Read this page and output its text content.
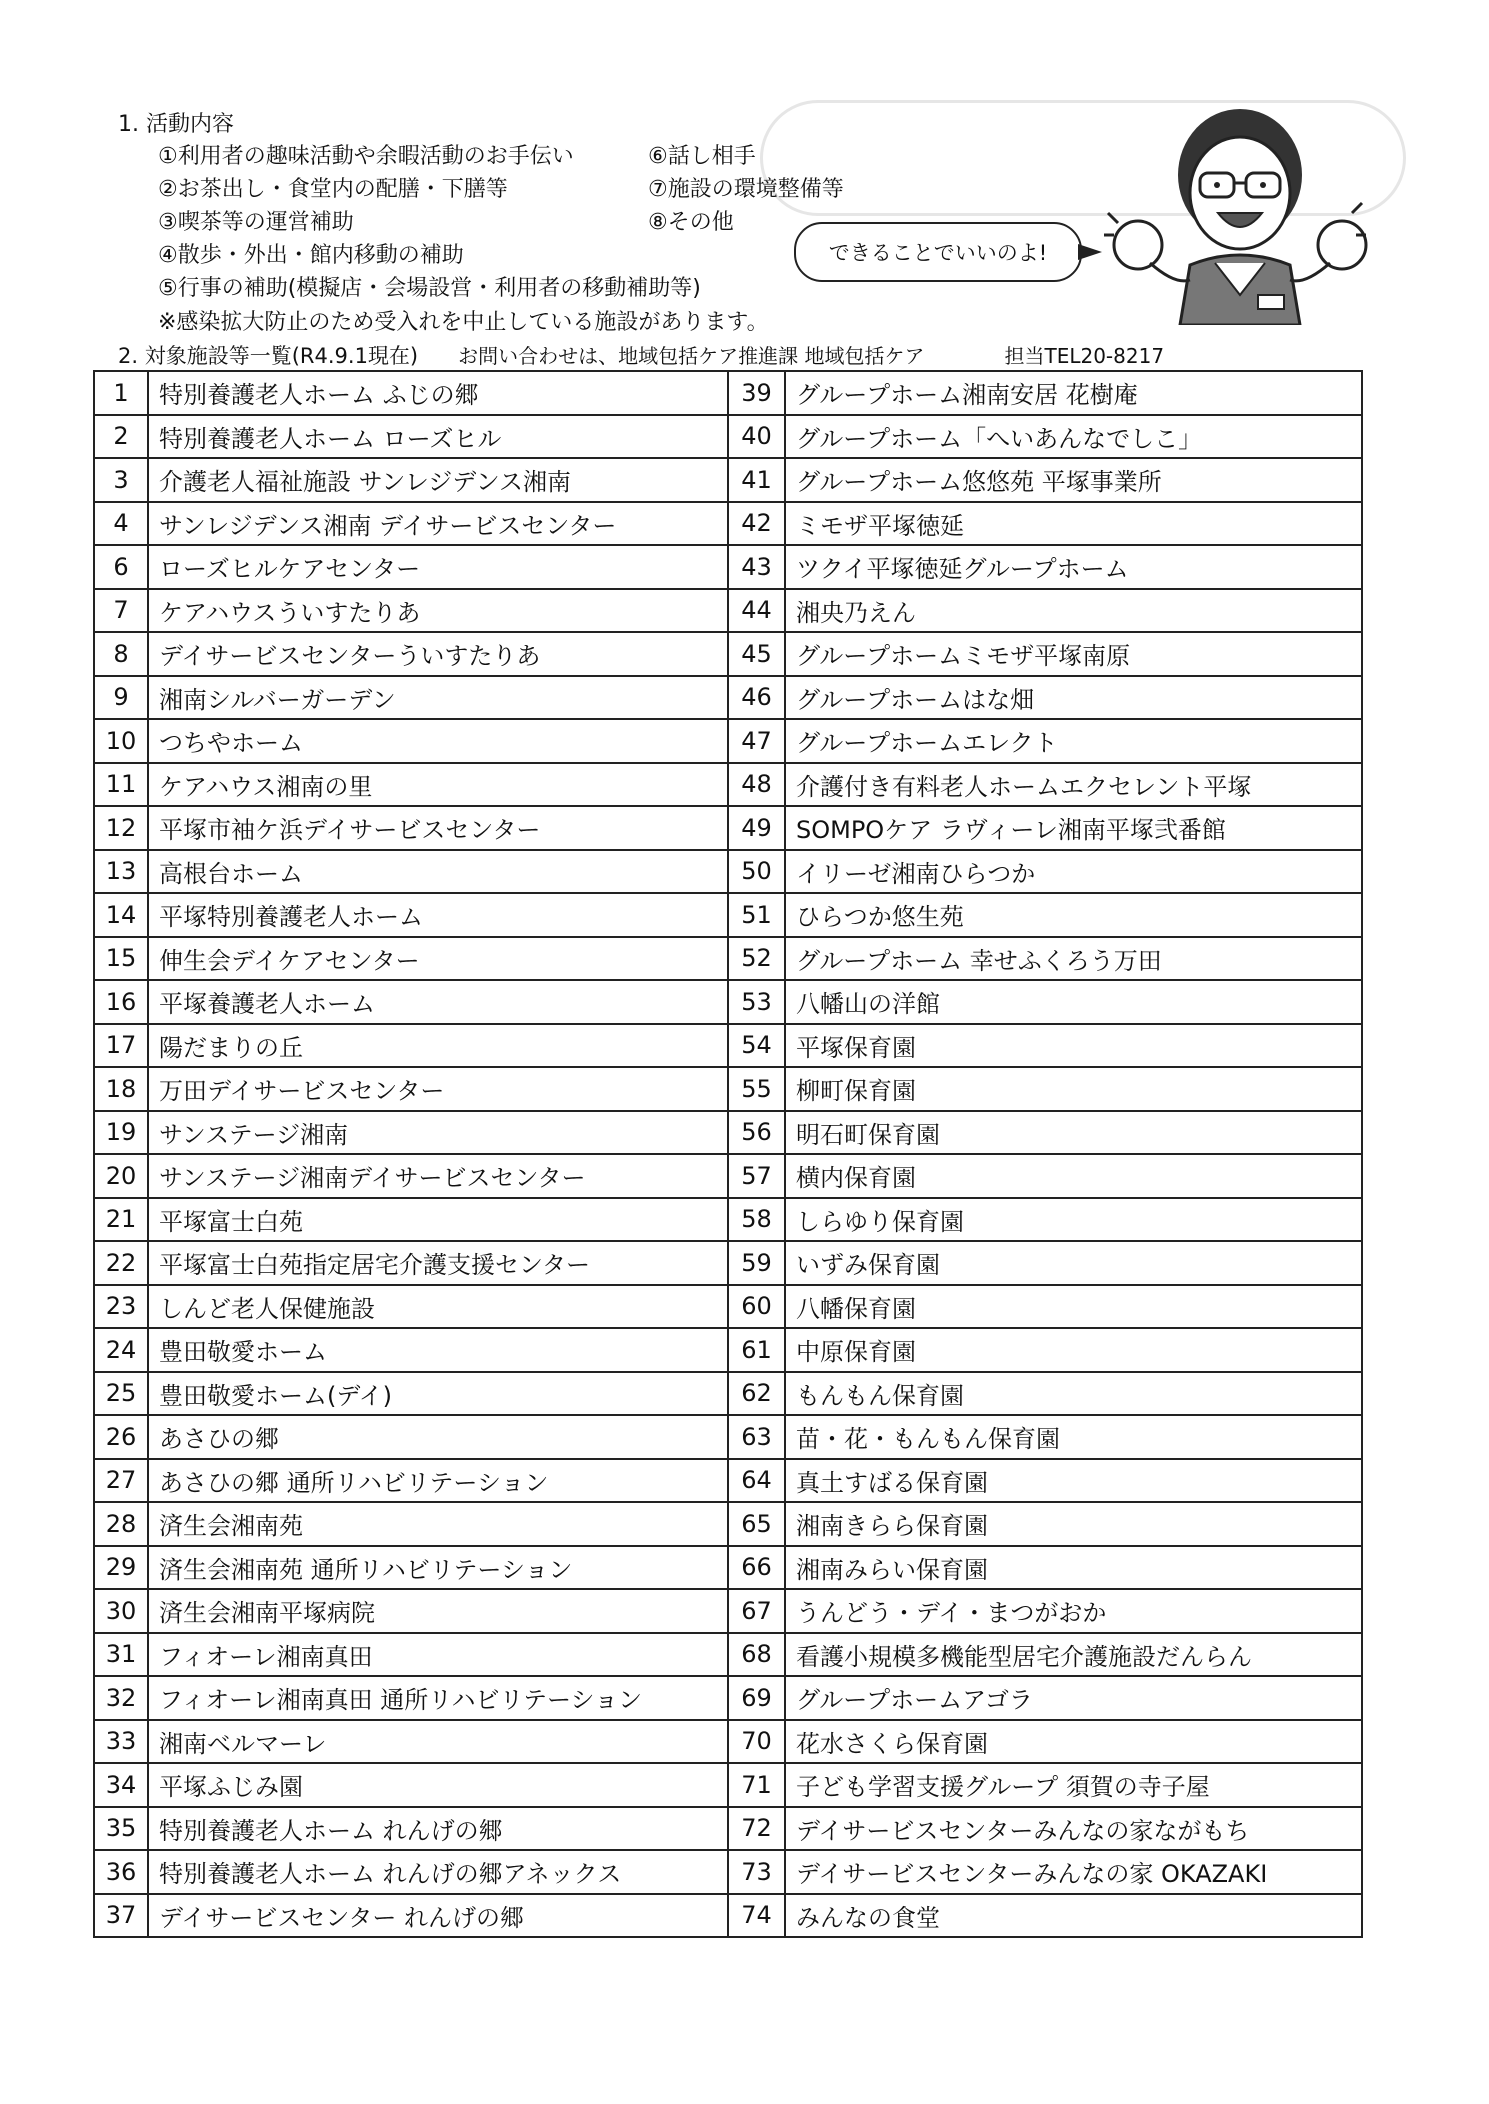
1. 活動内容
①利用者の趣味活動や余暇活動のお手伝い	⑥話し相手
②お茶出し・食堂内の配膳・下膳等	⑦施設の環境整備等
③喫茶等の運営補助	⑧その他
④散歩・外出・館内移動の補助
⑤行事の補助(模擬店・会場設営・利用者の移動補助等)
※感染拡大防止のため受入れを中止している施設があります。
できることでいいのよ!
2. 対象施設等一覧(R4.9.1現在) お問い合わせは、地域包括ケア推進課 地域包括ケア	担当TEL20-8217
1	特別養護老人ホーム ふじの郷	39	グループホーム湘南安居 花樹庵
2	特別養護老人ホーム ローズヒル	40	グループホーム「へいあんなでしこ」
3	介護老人福祉施設 サンレジデンス湘南	41	グループホーム悠悠苑 平塚事業所
4	サンレジデンス湘南 デイサービスセンター	42	ミモザ平塚徳延
6	ローズヒルケアセンター	43	ツクイ平塚徳延グループホーム
7	ケアハウスういすたりあ	44	湘央乃えん
8	デイサービスセンターういすたりあ	45	グループホームミモザ平塚南原
9	湘南シルバーガーデン	46	グループホームはな畑
10	つちやホーム	47	グループホームエレクト
11	ケアハウス湘南の里	48	介護付き有料老人ホームエクセレント平塚
12	平塚市袖ケ浜デイサービスセンター	49	SOMPOケア ラヴィーレ湘南平塚弐番館
13	高根台ホーム	50	イリーゼ湘南ひらつか
14	平塚特別養護老人ホーム	51	ひらつか悠生苑
15	伸生会デイケアセンター	52	グループホーム 幸せふくろう万田
16	平塚養護老人ホーム	53	八幡山の洋館
17	陽だまりの丘	54	平塚保育園
18	万田デイサービスセンター	55	柳町保育園
19	サンステージ湘南	56	明石町保育園
20	サンステージ湘南デイサービスセンター	57	横内保育園
21	平塚富士白苑	58	しらゆり保育園
22	平塚富士白苑指定居宅介護支援センター	59	いずみ保育園
23	しんど老人保健施設	60	八幡保育園
24	豊田敬愛ホーム	61	中原保育園
25	豊田敬愛ホーム(デイ)	62	もんもん保育園
26	あさひの郷	63	苗・花・もんもん保育園
27	あさひの郷 通所リハビリテーション	64	真土すばる保育園
28	済生会湘南苑	65	湘南きらら保育園
29	済生会湘南苑 通所リハビリテーション	66	湘南みらい保育園
30	済生会湘南平塚病院	67	うんどう・デイ・まつがおか
31	フィオーレ湘南真田	68	看護小規模多機能型居宅介護施設だんらん
32	フィオーレ湘南真田 通所リハビリテーション	69	グループホームアゴラ
33	湘南ベルマーレ	70	花水さくら保育園
34	平塚ふじみ園	71	子ども学習支援グループ 須賀の寺子屋
35	特別養護老人ホーム れんげの郷	72	デイサービスセンターみんなの家ながもち
36	特別養護老人ホーム れんげの郷アネックス	73	デイサービスセンターみんなの家 OKAZAKI
37	デイサービスセンター れんげの郷	74	みんなの食堂
